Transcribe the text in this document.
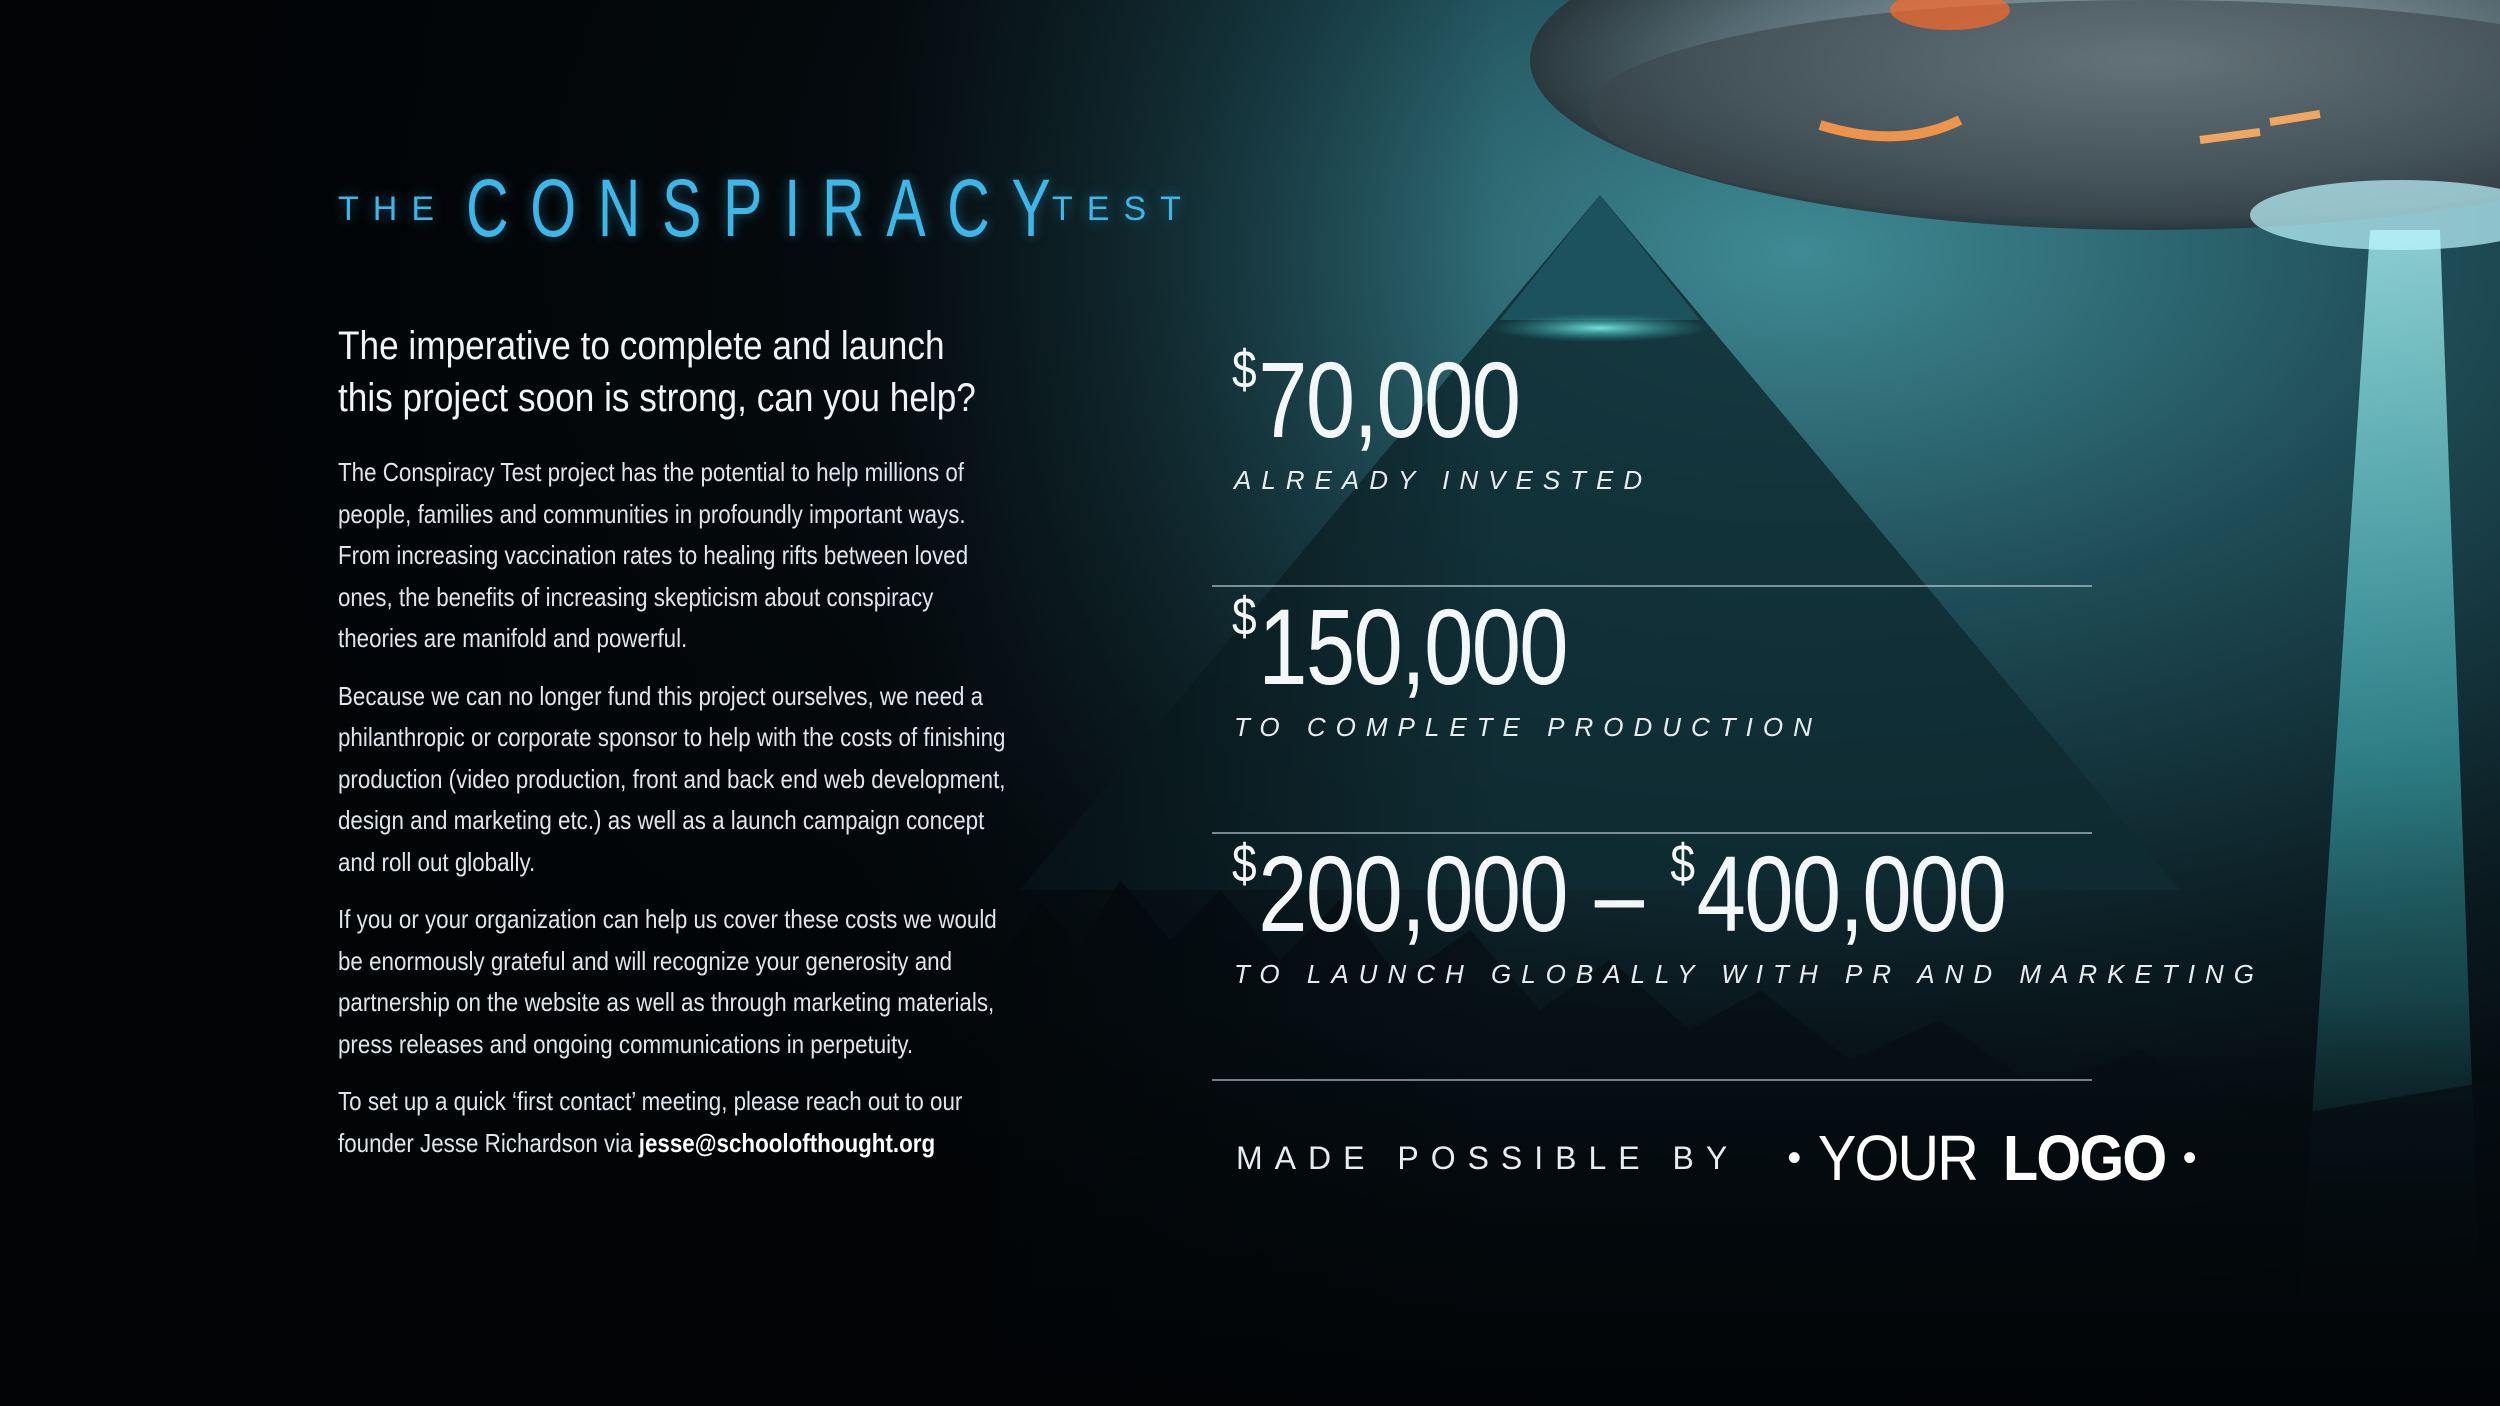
THE CONSPIRACY
TEST
The imperative to complete and launch this project soon is strong, can you help?
The Conspiracy Test project has the potential to help millions of people, families and communities in profoundly important ways. From increasing vaccination rates to healing rifts between loved ones, the benefits of increasing skepticism about conspiracy theories are manifold and powerful.
Because we can no longer fund this project ourselves, we need a philanthropic or corporate sponsor to help with the costs of finishing production (video production, front and back end web development, design and marketing etc.) as well as a launch campaign concept and roll out globally.
If you or your organization can help us cover these costs we would be enormously grateful and will recognize your generosity and partnership on the website as well as through marketing materials, press releases and ongoing communications in perpetuity.
To set up a quick ‘first contact’ meeting, please reach out to our founder Jesse Richardson via jesse@schoolofthought.org
$ 70,000
ALREADY INVESTED
$ 150,000
TO COMPLETE PRODUCTION
$ 200,000 – $ 400,000
TO LAUNCH GLOBALLY WITH PR AND MARKETING
MADE POSSIBLE BY • YOUR LOGO •
